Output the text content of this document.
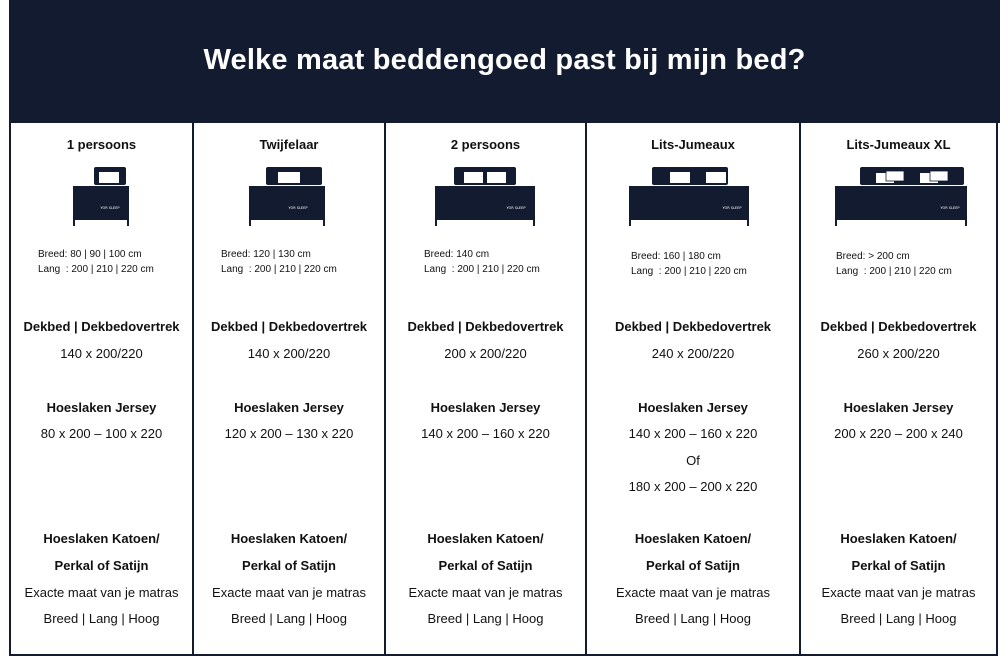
Welke maat beddengoed past bij mijn bed?
1 persoons
YOR SLEEP
Breed: 80 | 90 | 100 cm
Lang  : 200 | 210 | 220 cm
Dekbed | Dekbedovertrek
140 x 200/220
Hoeslaken Jersey
80 x 200 – 100 x 220
Hoeslaken Katoen/
Perkal of Satijn
Exacte maat van je matras
Breed | Lang | Hoog
Twijfelaar
YOR SLEEP
Breed: 120 | 130 cm
Lang  : 200 | 210 | 220 cm
Dekbed | Dekbedovertrek
140 x 200/220
Hoeslaken Jersey
120 x 200 – 130 x 220
Hoeslaken Katoen/
Perkal of Satijn
Exacte maat van je matras
Breed | Lang | Hoog
2 persoons
YOR SLEEP
Breed: 140 cm
Lang  : 200 | 210 | 220 cm
Dekbed | Dekbedovertrek
200 x 200/220
Hoeslaken Jersey
140 x 200 – 160 x 220
Hoeslaken Katoen/
Perkal of Satijn
Exacte maat van je matras
Breed | Lang | Hoog
Lits-Jumeaux
YOR SLEEP
Breed: 160 | 180 cm
Lang  : 200 | 210 | 220 cm
Dekbed | Dekbedovertrek
240 x 200/220
Hoeslaken Jersey
140 x 200 – 160 x 220
Of
180 x 200 – 200 x 220
Hoeslaken Katoen/
Perkal of Satijn
Exacte maat van je matras
Breed | Lang | Hoog
Lits-Jumeaux XL
YOR SLEEP
Breed: > 200 cm
Lang  : 200 | 210 | 220 cm
Dekbed | Dekbedovertrek
260 x 200/220
Hoeslaken Jersey
200 x 220 – 200 x 240
Hoeslaken Katoen/
Perkal of Satijn
Exacte maat van je matras
Breed | Lang | Hoog
